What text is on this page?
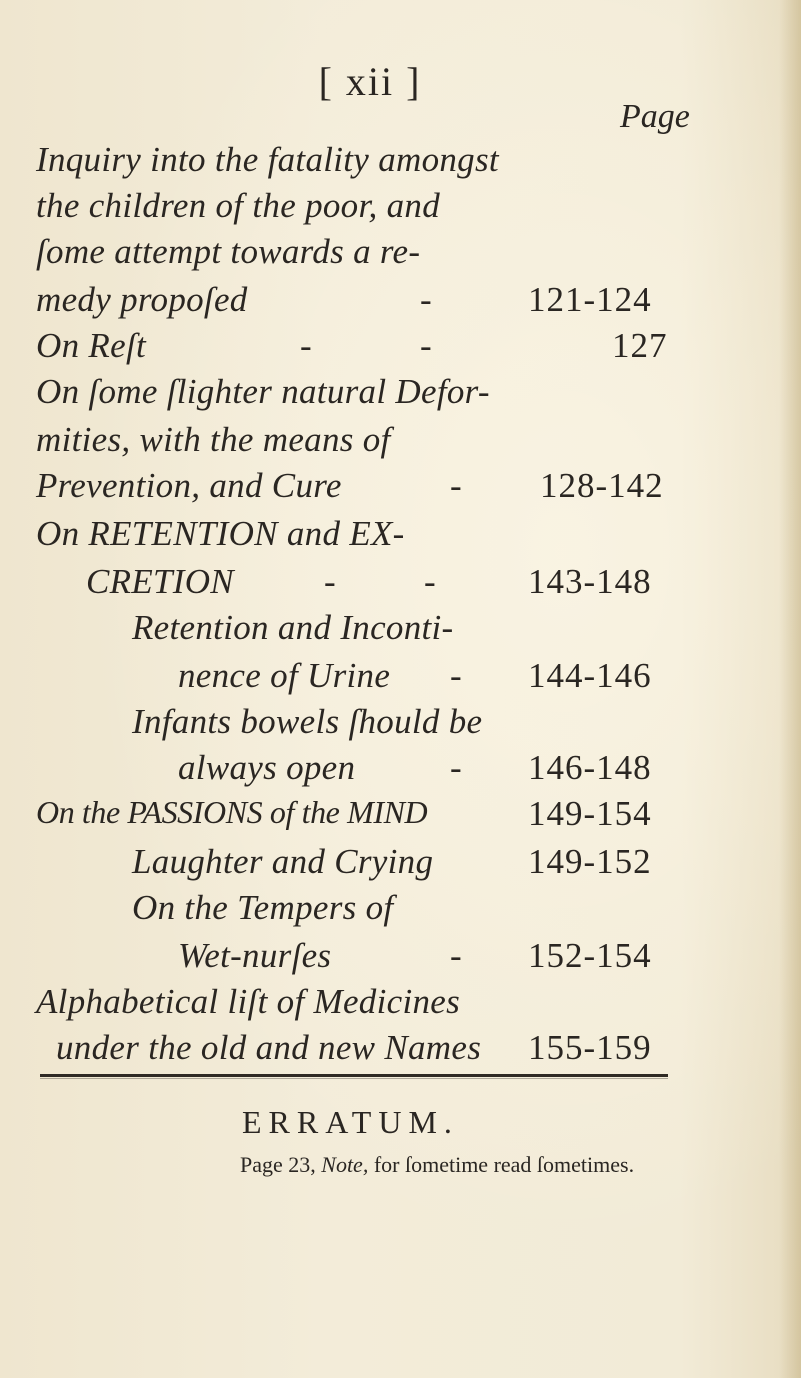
[ xii ]
Page
Inquiry into the fatality amongst
the children of the poor, and
ſome attempt towards a re-
medy propoſed	-	121-124
On Reſt	-	-	127
On ſome ſlighter natural Defor-
mities, with the means of
Prevention, and Cure	- 128-142
On RETENTION and EX-
CRETION	-	-	143-148
Retention and Inconti-
nence of Urine - 144-146
Infants bowels ſhould be
always open	- 146-148
On the PASSIONS of the MIND	149-154
Laughter and Crying	149-152
On the Tempers of
Wet-nurſes	- 152-154
Alphabetical liſt of Medicines
under the old and new Names 155-159
ERRATUM.
Page 23, Note, for ſometime read ſometimes.
